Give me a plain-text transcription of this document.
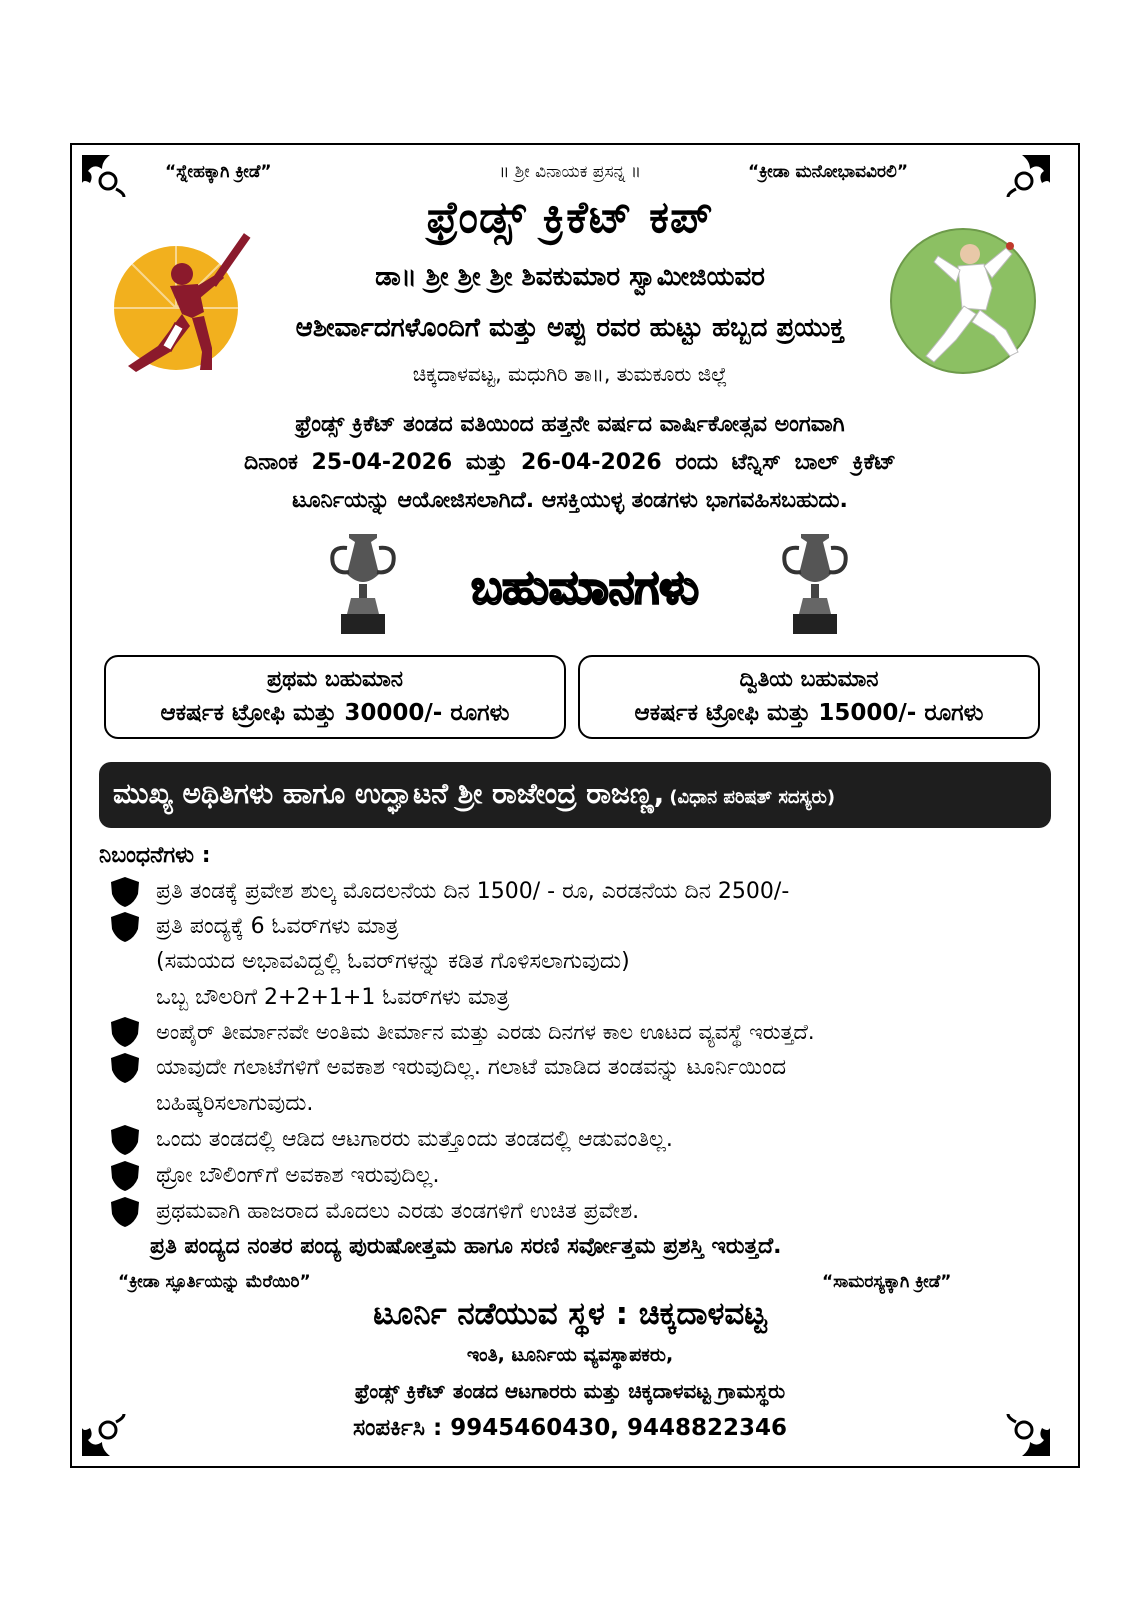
“ಸ್ನೇಹಕ್ಕಾಗಿ ಕ್ರೀಡೆ”	॥ ಶ್ರೀ ವಿನಾಯಕ ಪ್ರಸನ್ನ ॥	“ಕ್ರೀಡಾ ಮನೋಭಾವವಿರಲಿ”
ಫ್ರೆಂಡ್ಸ್ ಕ್ರಿಕೆಟ್ ಕಪ್
ಡಾ॥ ಶ್ರೀ ಶ್ರೀ ಶ್ರೀ ಶಿವಕುಮಾರ ಸ್ವಾಮೀಜಿಯವರ
ಆಶೀರ್ವಾದಗಳೊಂದಿಗೆ ಮತ್ತು ಅಪ್ಪು ರವರ ಹುಟ್ಟು ಹಬ್ಬದ ಪ್ರಯುಕ್ತ
ಚಿಕ್ಕದಾಳವಟ್ಟ, ಮಧುಗಿರಿ ತಾ॥, ತುಮಕೂರು ಜಿಲ್ಲೆ
ಫ್ರೆಂಡ್ಸ್ ಕ್ರಿಕೆಟ್ ತಂಡದ ವತಿಯಿಂದ ಹತ್ತನೇ ವರ್ಷದ ವಾರ್ಷಿಕೋತ್ಸವ ಅಂಗವಾಗಿ
ದಿನಾಂಕ 25-04-2026 ಮತ್ತು 26-04-2026 ರಂದು ಟೆನ್ನಿಸ್ ಬಾಲ್ ಕ್ರಿಕೆಟ್
ಟೂರ್ನಿಯನ್ನು ಆಯೋಜಿಸಲಾಗಿದೆ. ಆಸಕ್ತಿಯುಳ್ಳ ತಂಡಗಳು ಭಾಗವಹಿಸಬಹುದು.
ಬಹುಮಾನಗಳು
ಪ್ರಥಮ ಬಹುಮಾನ
ಆಕರ್ಷಕ ಟ್ರೋಫಿ ಮತ್ತು 30000/- ರೂಗಳು
ದ್ವಿತಿಯ ಬಹುಮಾನ
ಆಕರ್ಷಕ ಟ್ರೋಫಿ ಮತ್ತು 15000/- ರೂಗಳು
ಮುಖ್ಯ ಅಥಿತಿಗಳು ಹಾಗೂ ಉದ್ಘಾಟನೆ ಶ್ರೀ ರಾಜೇಂದ್ರ ರಾಜಣ್ಣ, (ವಿಧಾನ ಪರಿಷತ್ ಸದಸ್ಯರು)
ನಿಬಂಧನೆಗಳು :
ಪ್ರತಿ ತಂಡಕ್ಕೆ ಪ್ರವೇಶ ಶುಲ್ಕ ಮೊದಲನೆಯ ದಿನ 1500/ - ರೂ, ಎರಡನೆಯ ದಿನ 2500/-
ಪ್ರತಿ ಪಂದ್ಯಕ್ಕೆ 6 ಓವರ್‌ಗಳು ಮಾತ್ರ
(ಸಮಯದ ಅಭಾವವಿದ್ದಲ್ಲಿ ಓವರ್‌ಗಳನ್ನು ಕಡಿತ ಗೊಳಿಸಲಾಗುವುದು)
ಒಬ್ಬ ಬೌಲರಿಗೆ 2+2+1+1 ಓವರ್‌ಗಳು ಮಾತ್ರ
ಅಂಪೈರ್ ತೀರ್ಮಾನವೇ ಅಂತಿಮ ತೀರ್ಮಾನ ಮತ್ತು ಎರಡು ದಿನಗಳ ಕಾಲ ಊಟದ ವ್ಯವಸ್ಥೆ ಇರುತ್ತದೆ.
ಯಾವುದೇ ಗಲಾಟೆಗಳಿಗೆ ಅವಕಾಶ ಇರುವುದಿಲ್ಲ. ಗಲಾಟೆ ಮಾಡಿದ ತಂಡವನ್ನು ಟೂರ್ನಿಯಿಂದ
ಬಹಿಷ್ಕರಿಸಲಾಗುವುದು.
ಒಂದು ತಂಡದಲ್ಲಿ ಆಡಿದ ಆಟಗಾರರು ಮತ್ತೊಂದು ತಂಡದಲ್ಲಿ ಆಡುವಂತಿಲ್ಲ.
ಥ್ರೋ ಬೌಲಿಂಗ್‌ಗೆ ಅವಕಾಶ ಇರುವುದಿಲ್ಲ.
ಪ್ರಥಮವಾಗಿ ಹಾಜರಾದ ಮೊದಲು ಎರಡು ತಂಡಗಳಿಗೆ ಉಚಿತ ಪ್ರವೇಶ.
ಪ್ರತಿ ಪಂದ್ಯದ ನಂತರ ಪಂದ್ಯ ಪುರುಷೋತ್ತಮ ಹಾಗೂ ಸರಣಿ ಸರ್ವೋತ್ತಮ ಪ್ರಶಸ್ತಿ ಇರುತ್ತದೆ.
“ಕ್ರೀಡಾ ಸ್ಫೂರ್ತಿಯನ್ನು ಮೆರೆಯಿರಿ”	“ಸಾಮರಸ್ಯಕ್ಕಾಗಿ ಕ್ರೀಡೆ”
ಟೂರ್ನಿ ನಡೆಯುವ ಸ್ಥಳ : ಚಿಕ್ಕದಾಳವಟ್ಟ
ಇಂತಿ, ಟೂರ್ನಿಯ ವ್ಯವಸ್ಥಾಪಕರು,
ಫ್ರೆಂಡ್ಸ್ ಕ್ರಿಕೆಟ್ ತಂಡದ ಆಟಗಾರರು ಮತ್ತು ಚಿಕ್ಕದಾಳವಟ್ಟ ಗ್ರಾಮಸ್ಥರು
ಸಂಪರ್ಕಿಸಿ : 9945460430, 9448822346
